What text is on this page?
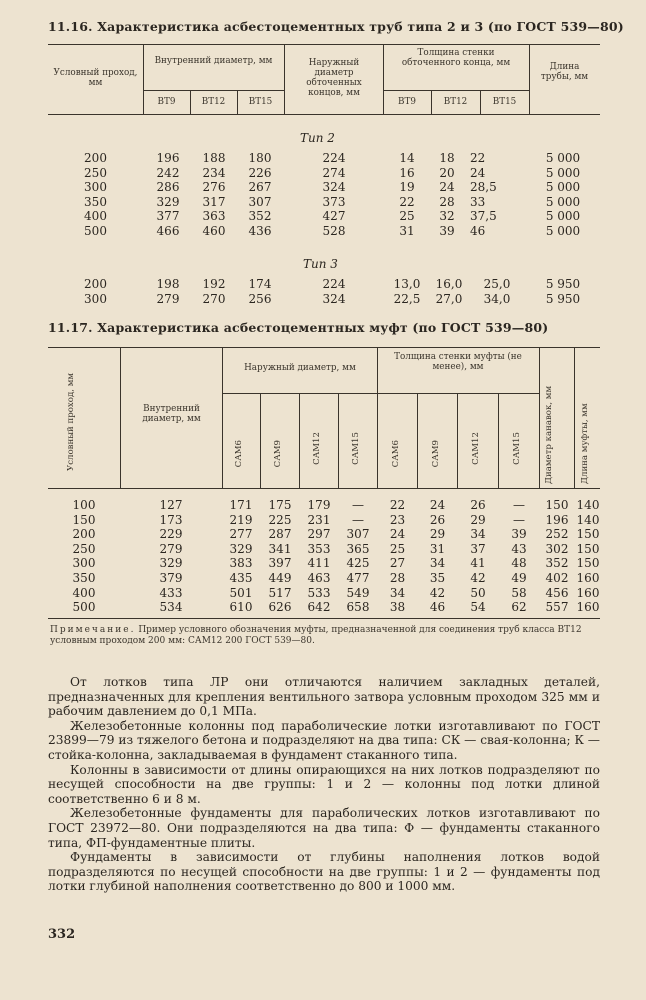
11.16. Характеристика асбестоцементных труб типа 2 и 3 (по ГОСТ 539—80)
Условный проход, мм
Внутренний диаметр, мм	Наружный диаметр обточенных концов, мм
Толщина стенки обточенного конца, мм	Длина трубы, мм
ВТ9	ВТ12	ВТ15	ВТ9	ВТ12	ВТ15
Тип 2
200	196	188	180	224	14	18	22	5 000
250	242	234	226	274	16	20	24	5 000
300	286	276	267	324	19	24	28,5	5 000
350	329	317	307	373	22	28	33	5 000
400	377	363	352	427	25	32	37,5	5 000
500	466	460	436	528	31	39	46	5 000
Тип 3
200	198	192	174	224	13,0	16,0	25,0	5 950
300	279	270	256	324	22,5	27,0	34,0	5 950
11.17. Характеристика асбестоцементных муфт (по ГОСТ 539—80)
Условный проход, мм	Внутренний диаметр, мм
Наружный диаметр, мм
Толщина стенки муфты (не менее), мм
Диаметр канавок, мм	Длина муфты, мм
САМ6	САМ9	САМ12	САМ15	САМ6	САМ9	САМ12	САМ15
100	127	171	175	179	—	22	24	26	—	150 140
150	173	219	225	231	—	23	26	29	—	196 140
200	229	277	287	297	307	24	29	34	39	252 150
250	279	329	341	353	365	25	31	37	43	302 150
300	329	383	397	411	425	27	34	41	48	352 150
350	379	435	449	463	477	28	35	42	49	402 160
400	433	501	517	533	549	34	42	50	58	456 160
500	534	610	626	642	658	38	46	54	62	557 160
Примечание. Пример условного обозначения муфты, предназначенной для соединения труб класса ВТ12 условным проходом 200 мм: САМ12 200 ГОСТ 539—80.

От лотков типа ЛР они отличаются наличием закладных деталей, предназначенных для крепления вентильного затвора условным проходом 325 мм и рабочим давлением до 0,1 МПа.

Железобетонные колонны под параболические лотки изготавливают по ГОСТ 23899—79 из тяжелого бетона и подразделяют на два типа: СК — свая-колонна; К — стойка-колонна, закладываемая в фундамент стаканного типа.

Колонны в зависимости от длины опирающихся на них лотков подразделяют по несущей способности на две группы: 1 и 2 — колонны под лотки длиной соответственно 6 и 8 м.

Железобетонные фундаменты для параболических лотков изготавливают по ГОСТ 23972—80. Они подразделяются на два типа: Ф — фундаменты стаканного типа, ФП-фундаментные плиты.

Фундаменты в зависимости от глубины наполнения лотков водой подразделяются по несущей способности на две группы: 1 и 2 — фундаменты под лотки глубиной наполнения соответственно до 800 и 1000 мм.

332
